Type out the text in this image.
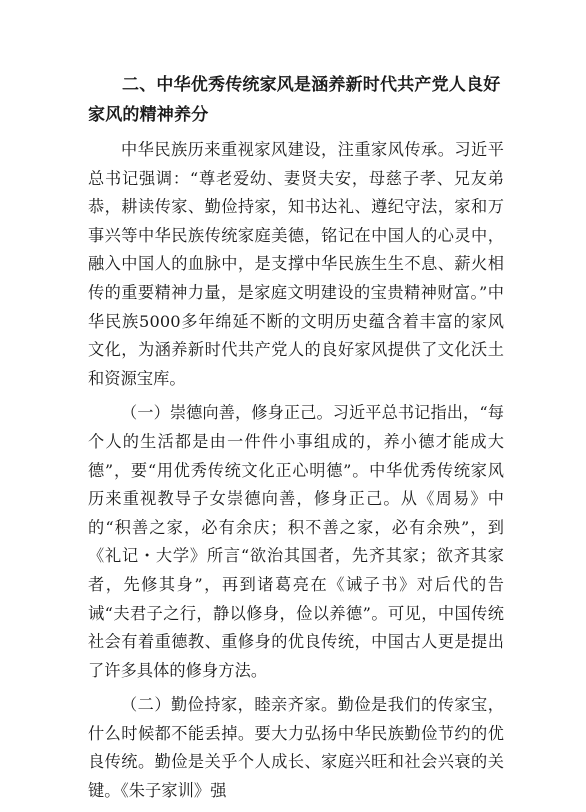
二、中华优秀传统家风是涵养新时代共产党人良好家风的精神养分

中华民族历来重视家风建设，注重家风传承。习近平总书记强调：“尊老爱幼、妻贤夫安，母慈子孝、兄友弟恭，耕读传家、勤俭持家，知书达礼、遵纪守法，家和万事兴等中华民族传统家庭美德，铭记在中国人的心灵中，融入中国人的血脉中，是支撑中华民族生生不息、薪火相传的重要精神力量，是家庭文明建设的宝贵精神财富。”中华民族5000多年绵延不断的文明历史蕴含着丰富的家风文化，为涵养新时代共产党人的良好家风提供了文化沃土和资源宝库。

（一）崇德向善，修身正己。习近平总书记指出，“每个人的生活都是由一件件小事组成的，养小德才能成大德”，要“用优秀传统文化正心明德”。中华优秀传统家风历来重视教导子女崇德向善，修身正己。从《周易》中的“积善之家，必有余庆；积不善之家，必有余殃”，到《礼记・大学》所言“欲治其国者，先齐其家；欲齐其家者，先修其身”，再到诸葛亮在《诫子书》对后代的告诫“夫君子之行，静以修身，俭以养德”。可见，中国传统社会有着重德教、重修身的优良传统，中国古人更是提出了许多具体的修身方法。

（二）勤俭持家，睦亲齐家。勤俭是我们的传家宝，什么时候都不能丢掉。要大力弘扬中华民族勤俭节约的优良传统。勤俭是关乎个人成长、家庭兴旺和社会兴衰的关键。《朱子家训》强
